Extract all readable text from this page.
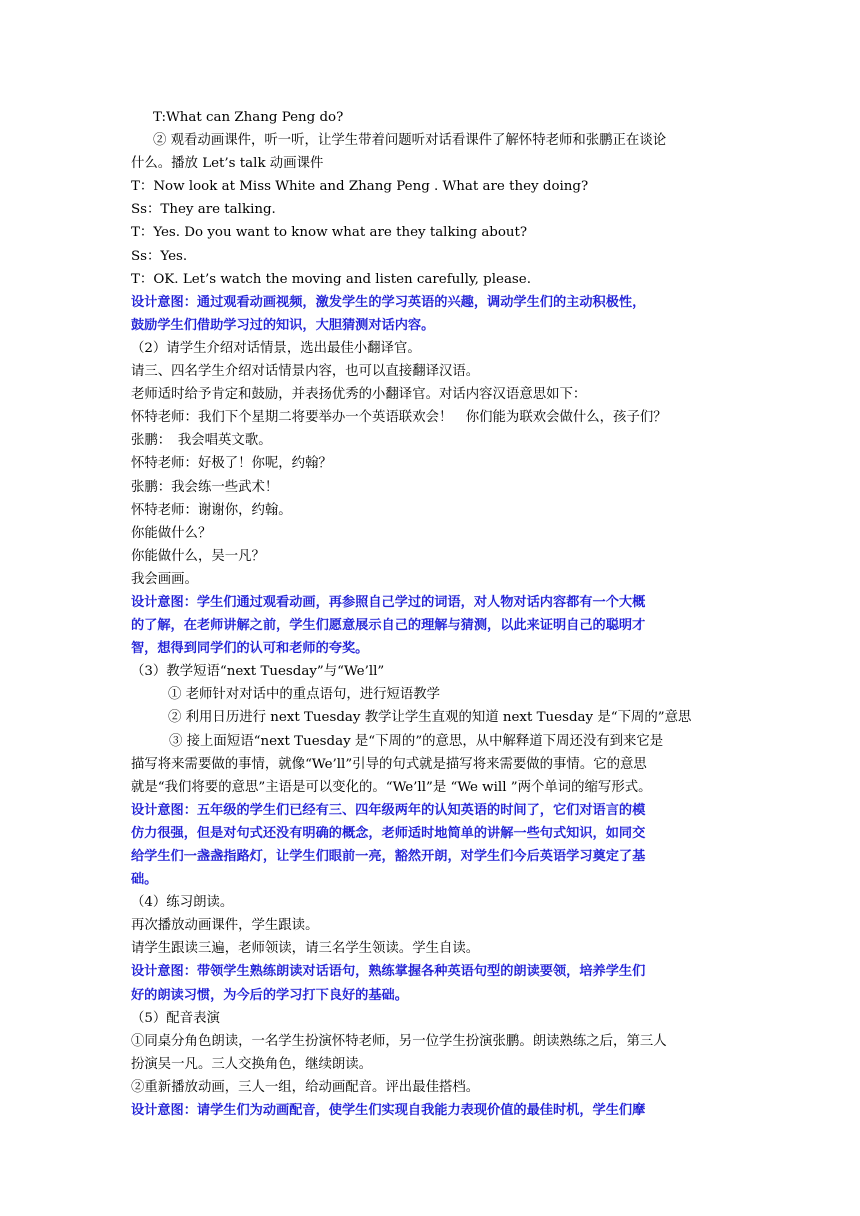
T:What can Zhang Peng do?
② 观看动画课件，听一听，让学生带着问题听对话看课件了解怀特老师和张鹏正在谈论
什么。播放 Let’s talk 动画课件
T：Now look at Miss White and Zhang Peng . What are they doing?
Ss：They are talking.
T：Yes. Do you want to know what are they talking about?
Ss：Yes.
T：OK. Let’s watch the moving and listen carefully, please.
设计意图：通过观看动画视频，激发学生的学习英语的兴趣，调动学生们的主动积极性，
鼓励学生们借助学习过的知识，大胆猜测对话内容。
（2）请学生介绍对话情景，选出最佳小翻译官。
请三、四名学生介绍对话情景内容，也可以直接翻译汉语。
老师适时给予肯定和鼓励，并表扬优秀的小翻译官。对话内容汉语意思如下：
怀特老师：我们下个星期二将要举办一个英语联欢会！　你们能为联欢会做什么，孩子们？
张鹏：　我会唱英文歌。
怀特老师：好极了！你呢，约翰？
张鹏：我会练一些武术！
怀特老师：谢谢你，约翰。
你能做什么？
你能做什么，吴一凡？
我会画画。
设计意图：学生们通过观看动画，再参照自己学过的词语，对人物对话内容都有一个大概
的了解，在老师讲解之前，学生们愿意展示自己的理解与猜测，以此来证明自己的聪明才
智，想得到同学们的认可和老师的夸奖。
（3）教学短语“next Tuesday”与“We’ll”
① 老师针对对话中的重点语句，进行短语教学
② 利用日历进行 next Tuesday 教学让学生直观的知道 next Tuesday 是“下周的”意思
③ 接上面短语“next Tuesday 是“下周的”的意思，从中解释道下周还没有到来它是
描写将来需要做的事情，就像“We’ll”引导的句式就是描写将来需要做的事情。它的意思
就是“我们将要的意思”主语是可以变化的。“We’ll”是 “We will ”两个单词的缩写形式。
设计意图：五年级的学生们已经有三、四年级两年的认知英语的时间了，它们对语言的模
仿力很强，但是对句式还没有明确的概念，老师适时地简单的讲解一些句式知识，如同交
给学生们一盏盏指路灯，让学生们眼前一亮，豁然开朗，对学生们今后英语学习奠定了基
础。
（4）练习朗读。
再次播放动画课件，学生跟读。
请学生跟读三遍，老师领读，请三名学生领读。学生自读。
设计意图：带领学生熟练朗读对话语句，熟练掌握各种英语句型的朗读要领，培养学生们
好的朗读习惯，为今后的学习打下良好的基础。
（5）配音表演
①同桌分角色朗读，一名学生扮演怀特老师，另一位学生扮演张鹏。朗读熟练之后，第三人
扮演吴一凡。三人交换角色，继续朗读。
②重新播放动画，三人一组，给动画配音。评出最佳搭档。
设计意图：请学生们为动画配音，使学生们实现自我能力表现价值的最佳时机，学生们摩
